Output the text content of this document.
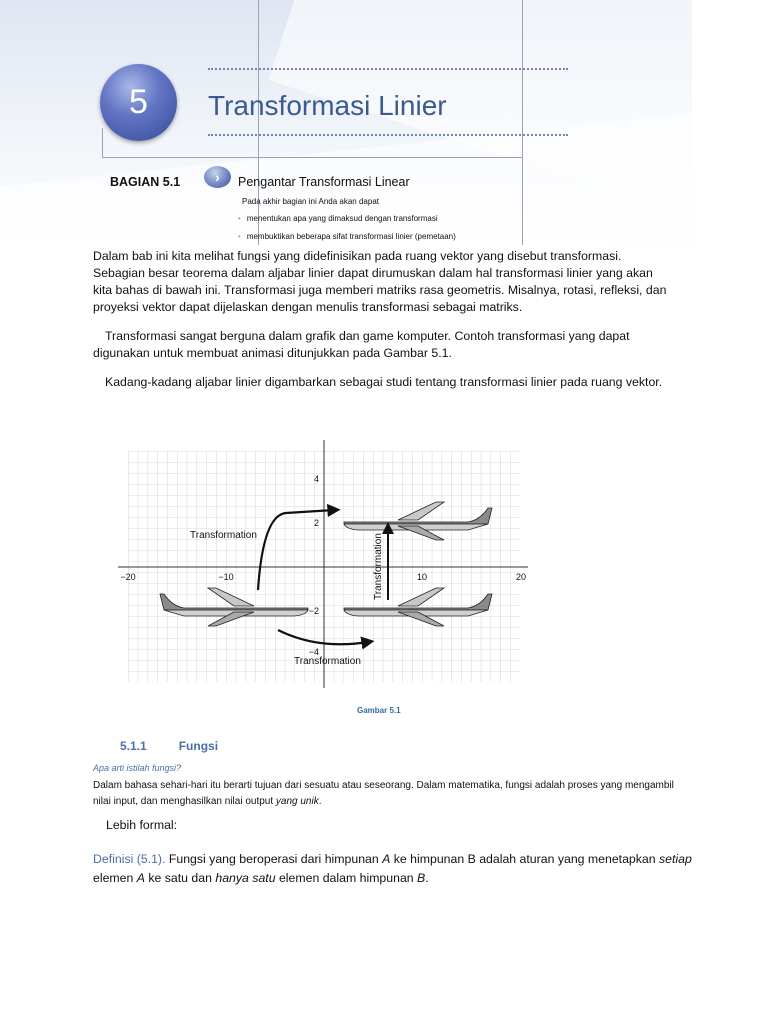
5	Transformasi Linier
BAGIAN 5.1	›	Pengantar Transformasi Linear
Pada akhir bagian ini Anda akan dapat
• menentukan apa yang dimaksud dengan transformasi
• membuktikan beberapa sifat transformasi linier (pemetaan)

Dalam bab ini kita melihat fungsi yang didefinisikan pada ruang vektor yang disebut transformasi. Sebagian besar teorema dalam aljabar linier dapat dirumuskan dalam hal transformasi linier yang akan kita bahas di bawah ini. Transformasi juga memberi matriks rasa geometris. Misalnya, rotasi, refleksi, dan proyeksi vektor dapat dijelaskan dengan menulis transformasi sebagai matriks.

Transformasi sangat berguna dalam grafik dan game komputer. Contoh transformasi yang dapat digunakan untuk membuat animasi ditunjukkan pada Gambar 5.1.

Kadang-kadang aljabar linier digambarkan sebagai studi tentang transformasi linier pada ruang vektor.

−20	−10	10	20
4
2
−2
−4
Transformation	Transformation
Transformation
Gambar 5.1
5.1.1	Fungsi
Apa arti istilah fungsi?

Dalam bahasa sehari-hari itu berarti tujuan dari sesuatu atau seseorang. Dalam matematika, fungsi adalah proses yang mengambil nilai input, dan menghasilkan nilai output yang unik.

Lebih formal:

Definisi (5.1). Fungsi yang beroperasi dari himpunan A ke himpunan B adalah aturan yang menetapkan setiap elemen A ke satu dan hanya satu elemen dalam himpunan B.
